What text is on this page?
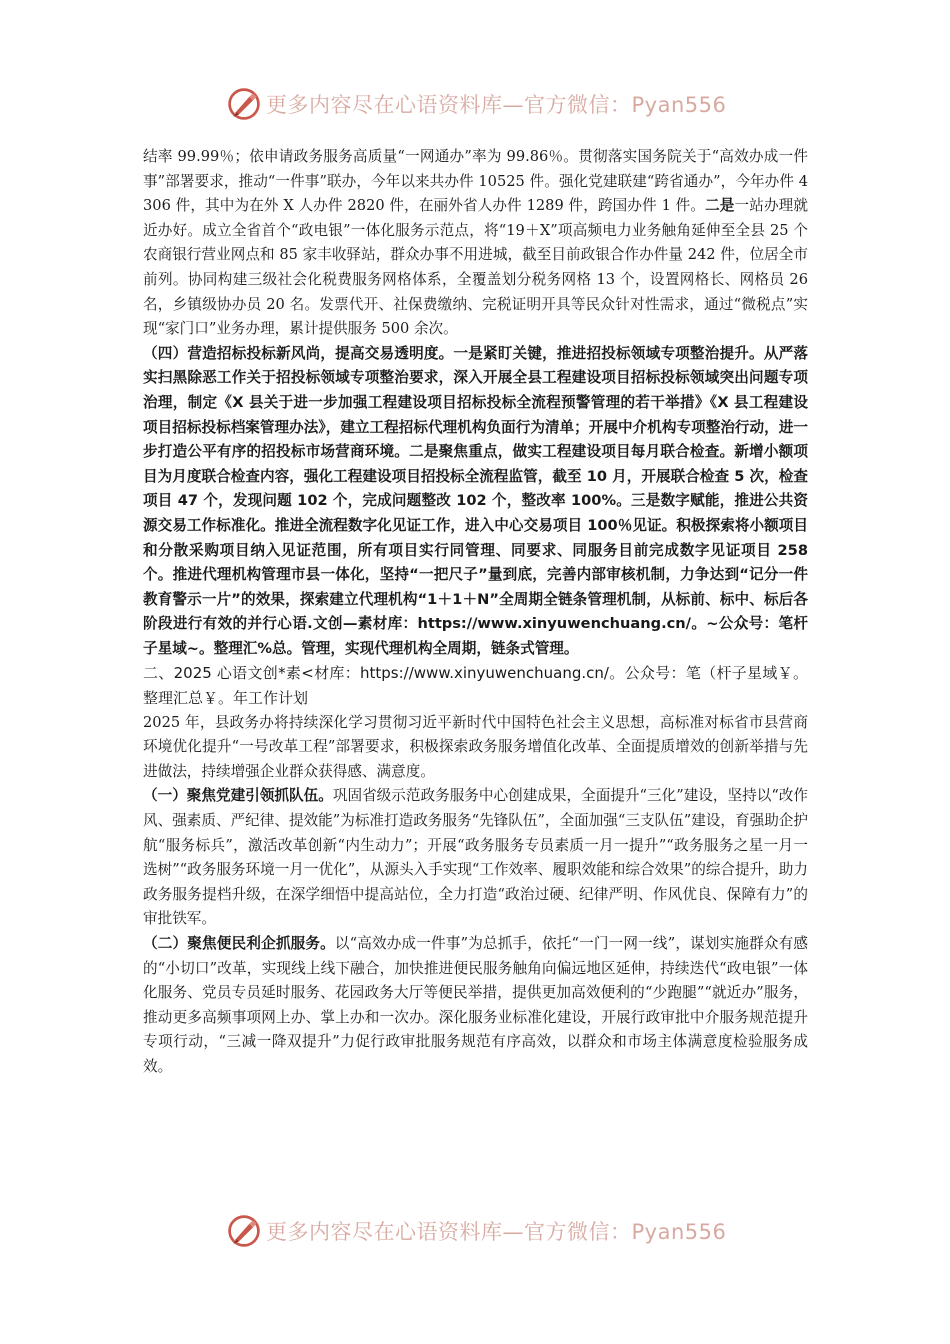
更多内容尽在心语资料库—官方微信：Pyan556

结率 99.99％；依申请政务服务高质量“一网通办”率为 99.86％。贯彻落实国务院关于“高效办成一件事”部署要求，推动“一件事”联办，今年以来共办件 10525 件。强化党建联建“跨省通办”，今年办件 4306 件，其中为在外 X 人办件 2820 件，在丽外省人办件 1289 件，跨国办件 1 件。二是一站办理就近办好。成立全省首个“政电银”一体化服务示范点，将“19＋X”项高频电力业务触角延伸至全县 25 个农商银行营业网点和 85 家丰收驿站，群众办事不用进城，截至目前政银合作办件量 242 件，位居全市前列。协同构建三级社会化税费服务网格体系，全覆盖划分税务网格 13 个，设置网格长、网格员 26 名，乡镇级协办员 20 名。发票代开、社保费缴纳、完税证明开具等民众针对性需求，通过“微税点”实现“家门口”业务办理，累计提供服务 500 余次。

（四）营造招标投标新风尚，提高交易透明度。一是紧盯关键，推进招投标领域专项整治提升。从严落实扫黑除恶工作关于招投标领域专项整治要求，深入开展全县工程建设项目招标投标领域突出问题专项治理，制定《X 县关于进一步加强工程建设项目招标投标全流程预警管理的若干举措》《X 县工程建设项目招标投标档案管理办法》，建立工程招标代理机构负面行为清单；开展中介机构专项整治行动，进一步打造公平有序的招投标市场营商环境。二是聚焦重点，做实工程建设项目每月联合检查。新增小额项目为月度联合检查内容，强化工程建设项目招投标全流程监管，截至 10 月，开展联合检查 5 次，检查项目 47 个，发现问题 102 个，完成问题整改 102 个，整改率 100%。三是数字赋能，推进公共资源交易工作标准化。推进全流程数字化见证工作，进入中心交易项目 100％见证。积极探索将小额项目和分散采购项目纳入见证范围，所有项目实行同管理、同要求、同服务目前完成数字见证项目 258 个。推进代理机构管理市县一体化，坚持“一把尺子”量到底，完善内部审核机制，力争达到“记分一件教育警示一片”的效果，探索建立代理机构“1＋1＋N”全周期全链条管理机制，从标前、标中、标后各阶段进行有效的并行心语.文创—素材库：https://www.xinyuwenchuang.cn/。~公众号：笔杆子星域~。整理汇%总。管理，实现代理机构全周期，链条式管理。

二、2025 心语文创*素<材库：https://www.xinyuwenchuang.cn/。公众号：笔（杆子星域￥。整理汇总￥。年工作计划

2025 年，县政务办将持续深化学习贯彻习近平新时代中国特色社会主义思想，高标准对标省市县营商环境优化提升“一号改革工程”部署要求，积极探索政务服务增值化改革、全面提质增效的创新举措与先进做法，持续增强企业群众获得感、满意度。

（一）聚焦党建引领抓队伍。巩固省级示范政务服务中心创建成果，全面提升“三化”建设，坚持以“改作风、强素质、严纪律、提效能”为标准打造政务服务“先锋队伍”，全面加强“三支队伍”建设，育强助企护航“服务标兵”，激活改革创新“内生动力”；开展“政务服务专员素质一月一提升”“政务服务之星一月一选树”“政务服务环境一月一优化”，从源头入手实现“工作效率、履职效能和综合效果”的综合提升，助力政务服务提档升级，在深学细悟中提高站位，全力打造“政治过硬、纪律严明、作风优良、保障有力”的审批铁军。

（二）聚焦便民利企抓服务。以“高效办成一件事”为总抓手，依托“一门一网一线”，谋划实施群众有感的“小切口”改革，实现线上线下融合，加快推进便民服务触角向偏远地区延伸，持续迭代“政电银”一体化服务、党员专员延时服务、花园政务大厅等便民举措，提供更加高效便利的“少跑腿”“就近办”服务，推动更多高频事项网上办、掌上办和一次办。深化服务业标准化建设，开展行政审批中介服务规范提升专项行动，“三减一降双提升”力促行政审批服务规范有序高效，以群众和市场主体满意度检验服务成效。

更多内容尽在心语资料库—官方微信：Pyan556
